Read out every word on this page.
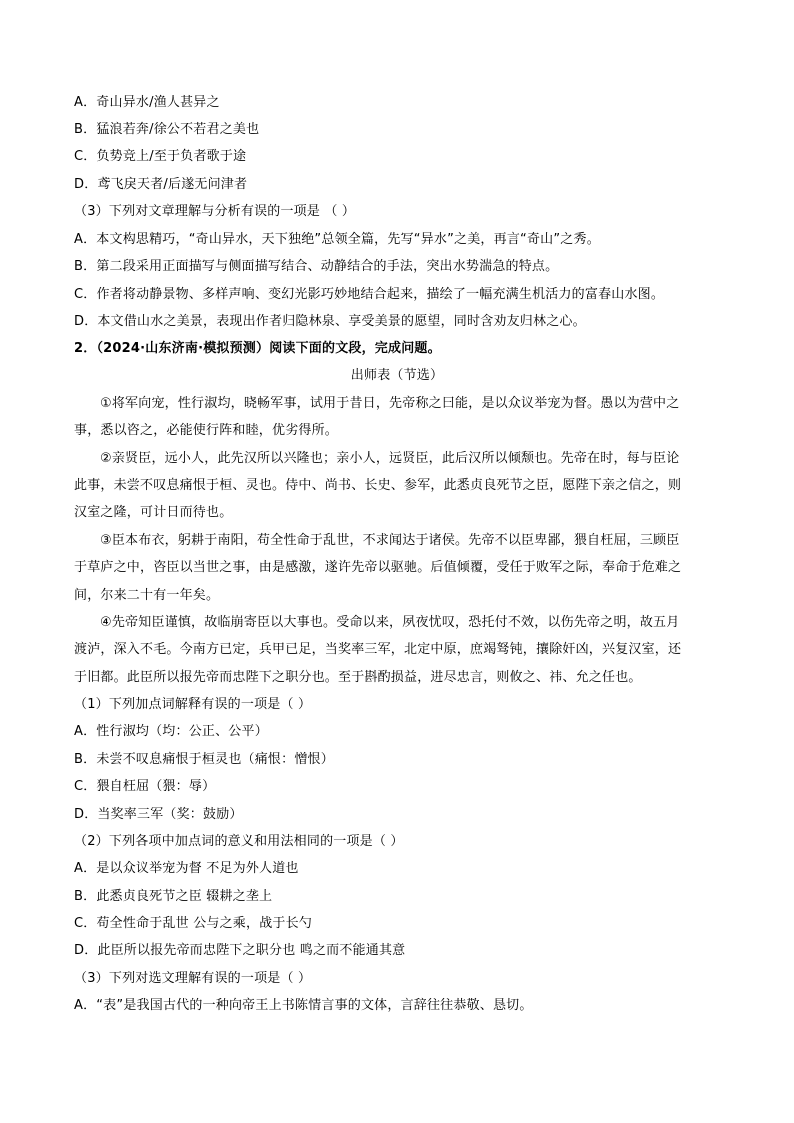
A．奇山异水/渔人甚异之
B．猛浪若奔/徐公不若君之美也
C．负势竞上/至于负者歌于途
D．鸢飞戾天者/后遂无问津者
（3）下列对文章理解与分析有误的一项是 （ ）
A．本文构思精巧，“奇山异水，天下独绝”总领全篇，先写“异水”之美，再言“奇山”之秀。
B．第二段采用正面描写与侧面描写结合、动静结合的手法，突出水势湍急的特点。
C．作者将动静景物、多样声响、变幻光影巧妙地结合起来，描绘了一幅充满生机活力的富春山水图。
D．本文借山水之美景，表现出作者归隐林泉、享受美景的愿望，同时含劝友归林之心。
2．（2024·山东济南·模拟预测）阅读下面的文段，完成问题。
出师表（节选）
①将军向宠，性行淑均，晓畅军事，试用于昔日，先帝称之曰能，是以众议举宠为督。愚以为营中之
事，悉以咨之，必能使行阵和睦，优劣得所。
②亲贤臣，远小人，此先汉所以兴隆也；亲小人，远贤臣，此后汉所以倾颓也。先帝在时，每与臣论
此事，未尝不叹息痛恨于桓、灵也。侍中、尚书、长史、参军，此悉贞良死节之臣，愿陛下亲之信之，则
汉室之隆，可计日而待也。
③臣本布衣，躬耕于南阳，苟全性命于乱世，不求闻达于诸侯。先帝不以臣卑鄙，猥自枉屈，三顾臣
于草庐之中，咨臣以当世之事，由是感激，遂许先帝以驱驰。后值倾覆，受任于败军之际，奉命于危难之
间，尔来二十有一年矣。
④先帝知臣谨慎，故临崩寄臣以大事也。受命以来，夙夜忧叹，恐托付不效，以伤先帝之明，故五月
渡泸，深入不毛。今南方已定，兵甲已足，当奖率三军，北定中原，庶竭驽钝，攘除奸凶，兴复汉室，还
于旧都。此臣所以报先帝而忠陛下之职分也。至于斟酌损益，进尽忠言，则攸之、祎、允之任也。
（1）下列加点词解释有误的一项是（ ）
A．性行淑均（均：公正、公平）
B．未尝不叹息痛恨于桓灵也（痛恨：憎恨）
C．猥自枉屈（猥：辱）
D．当奖率三军（奖：鼓励）
（2）下列各项中加点词的意义和用法相同的一项是（ ）
A．是以众议举宠为督 不足为外人道也
B．此悉贞良死节之臣 辍耕之垄上
C．苟全性命于乱世 公与之乘，战于长勺
D．此臣所以报先帝而忠陛下之职分也 鸣之而不能通其意
（3）下列对选文理解有误的一项是（ ）
A．“表”是我国古代的一种向帝王上书陈情言事的文体，言辞往往恭敬、恳切。
